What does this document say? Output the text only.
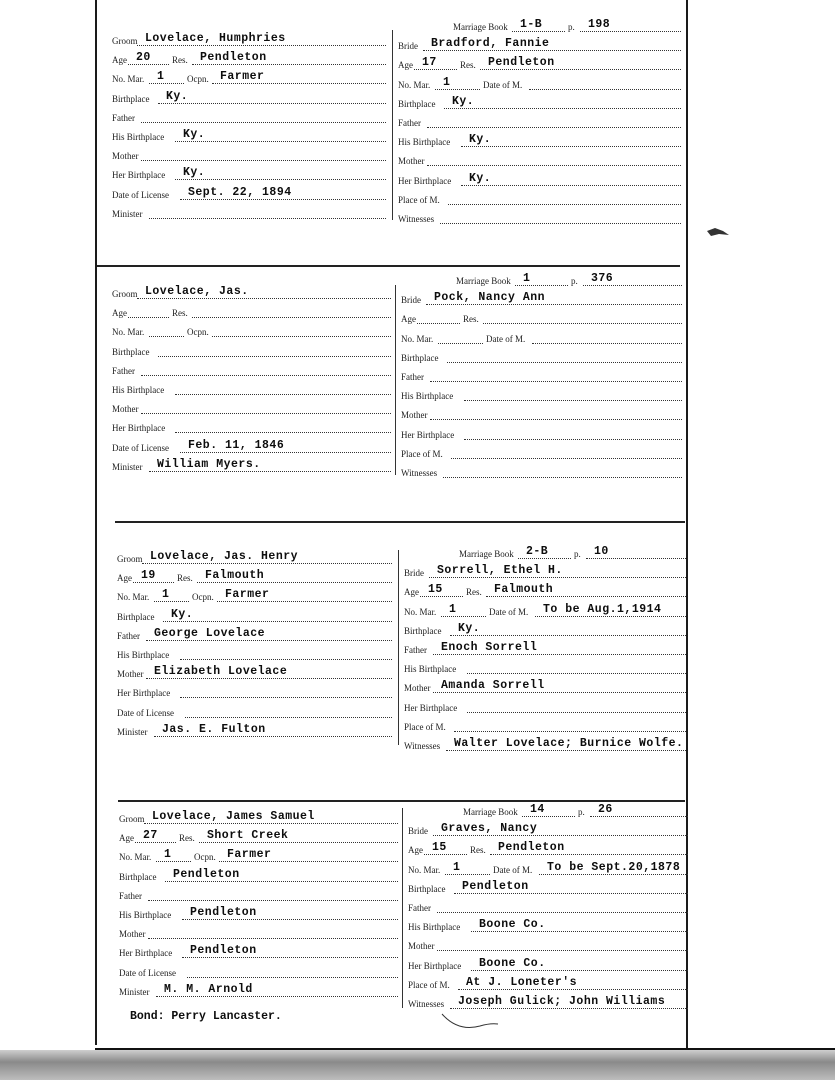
Groom Lovelace, Humphries
Age 20 Res. Pendleton
No. Mar. 1	Ocpn. Farmer
Birthplace Ky.
Father
His Birthplace Ky.
Mother
Her Birthplace Ky.
Date of License Sept. 22, 1894
Minister
Marriage Book 1-B	p. 198
Bride Bradford, Fannie
Age 17	Res. Pendleton
No. Mar. 1	Date of M.
Birthplace Ky.
Father
His Birthplace Ky.
Mother
Her Birthplace Ky.
Place of M.
Witnesses
Groom Lovelace, Jas.
Age	Res.
No. Mar.	Ocpn.
Birthplace
Father
His Birthplace
Mother
Her Birthplace
Date of License Feb. 11, 1846
Minister William Myers.
Marriage Book 1	p. 376
Bride Pock, Nancy Ann
Age	Res.
No. Mar.	Date of M.
Birthplace
Father
His Birthplace
Mother
Her Birthplace
Place of M.
Witnesses
Groom Lovelace, Jas. Henry
Age 19 Res. Falmouth
No. Mar. 1	Ocpn. Farmer
Birthplace Ky.
Father George Lovelace
His Birthplace
Mother Elizabeth Lovelace
Her Birthplace
Date of License
Minister Jas. E. Fulton
Marriage Book 2-B	p. 10
Bride Sorrell, Ethel H.
Age 15	Res. Falmouth
No. Mar. 1	Date of M. To be Aug.1,1914
Birthplace Ky.
Father Enoch Sorrell
His Birthplace
Mother Amanda Sorrell
Her Birthplace
Place of M.
Witnesses Walter Lovelace; Burnice Wolfe.
Groom Lovelace, James Samuel
Age 27 Res. Short Creek
No. Mar. 1	Ocpn. Farmer
Birthplace Pendleton
Father
His Birthplace Pendleton
Mother
Her Birthplace Pendleton
Date of License
Minister M. M. Arnold
Marriage Book 14	p. 26
Bride Graves, Nancy
Age 15	Res. Pendleton
No. Mar. 1	Date of M. To be Sept.20,1878
Birthplace Pendleton
Father
His Birthplace Boone Co.
Mother
Her Birthplace Boone Co.
Place of M. At J. Loneter's
Witnesses Joseph Gulick; John Williams
Bond: Perry Lancaster.
